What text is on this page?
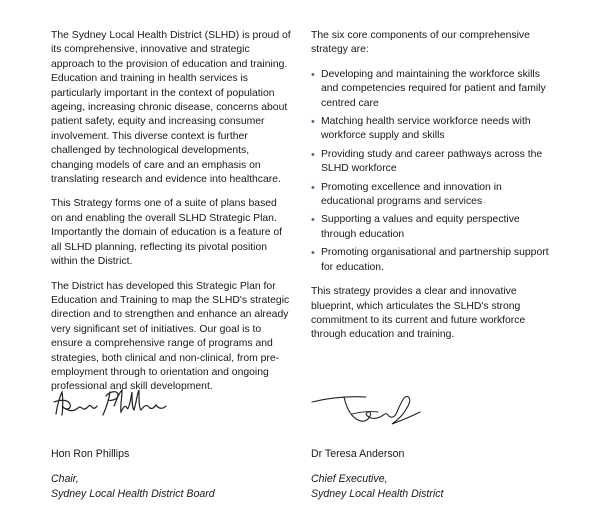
The Sydney Local Health District (SLHD) is proud of its comprehensive, innovative and strategic approach to the provision of education and training. Education and training in health services is particularly important in the context of population ageing, increasing chronic disease, concerns about patient safety, equity and increasing consumer involvement. This diverse context is further challenged by technological developments, changing models of care and an emphasis on translating research and evidence into healthcare.

This Strategy forms one of a suite of plans based on and enabling the overall SLHD Strategic Plan. Importantly the domain of education is a feature of all SLHD planning, reflecting its pivotal position within the District.

The District has developed this Strategic Plan for Education and Training to map the SLHD's strategic direction and to strengthen and enhance an already very significant set of initiatives. Our goal is to ensure a comprehensive range of programs and strategies, both clinical and non-clinical, from pre-employment through to orientation and ongoing professional and skill development.

The six core components of our comprehensive strategy are:

• Developing and maintaining the workforce skills and competencies required for patient and family centred care
• Matching health service workforce needs with workforce supply and skills
• Providing study and career pathways across the SLHD workforce
• Promoting excellence and innovation in educational programs and services
• Supporting a values and equity perspective through education
• Promoting organisational and partnership support for education.

This strategy provides a clear and innovative blueprint, which articulates the SLHD's strong commitment to its current and future workforce through education and training.

Hon Ron Phillips
Chair,
Sydney Local Health District Board
Dr Teresa Anderson
Chief Executive,
Sydney Local Health District
